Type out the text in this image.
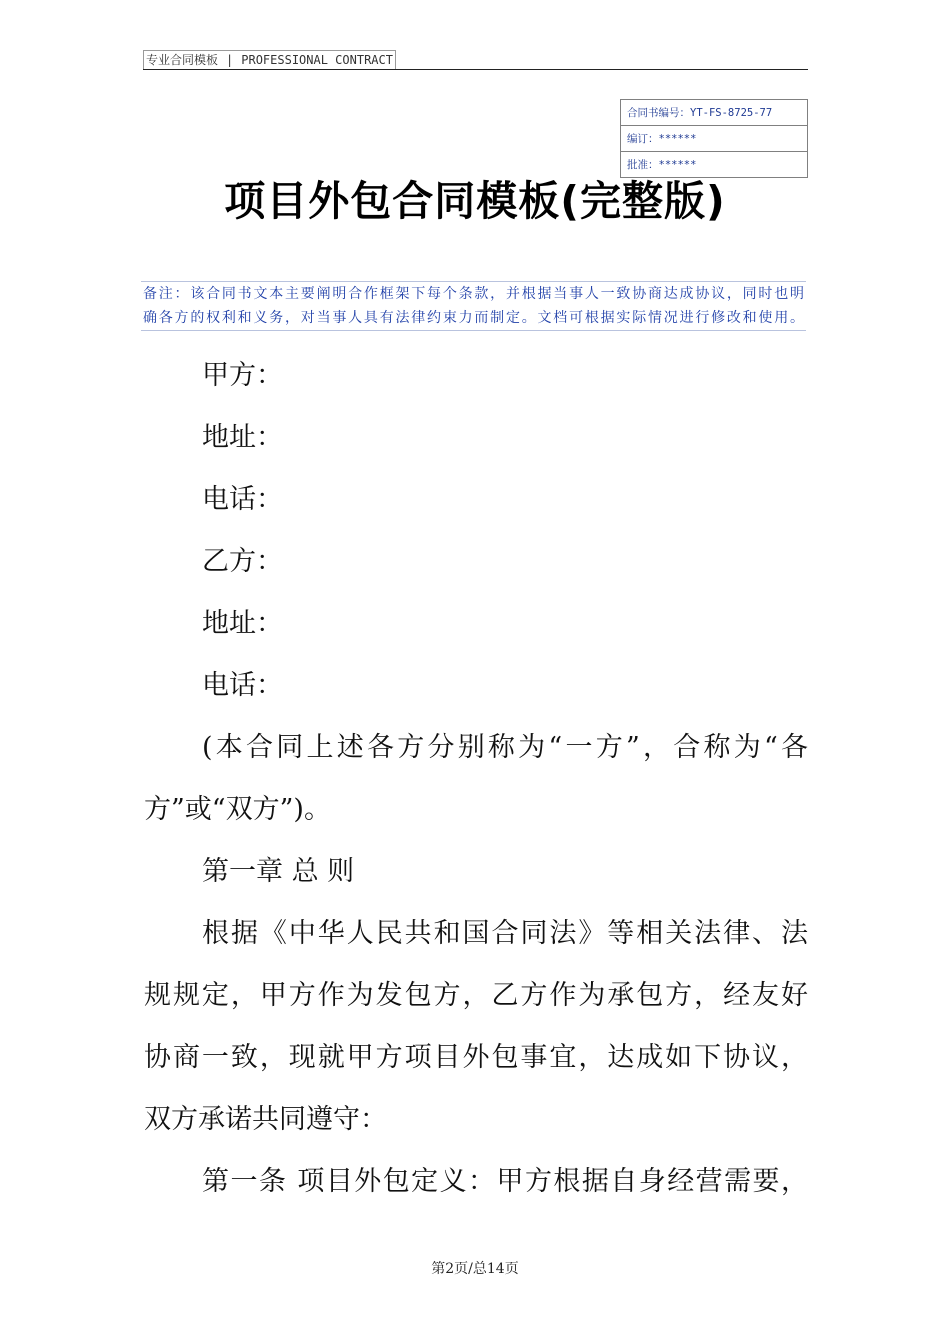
专业合同模板 | PROFESSIONAL CONTRACT
合同书编号：YT-FS-8725-77
编订：******
批准：******
项目外包合同模板(完整版)
备注：该合同书文本主要阐明合作框架下每个条款，并根据当事人一致协商达成协议，同时也明
确各方的权利和义务，对当事人具有法律约束力而制定。文档可根据实际情况进行修改和使用。

甲方：

地址：

电话：

乙方：

地址：

电话：

(本合同上述各方分别称为“一方”，合称为“各

方”或“双方”)。

第一章 总 则

根据《中华人民共和国合同法》等相关法律、法

规规定，甲方作为发包方，乙方作为承包方，经友好

协商一致，现就甲方项目外包事宜，达成如下协议，

双方承诺共同遵守：

第一条 项目外包定义：甲方根据自身经营需要，

第2页/总14页
